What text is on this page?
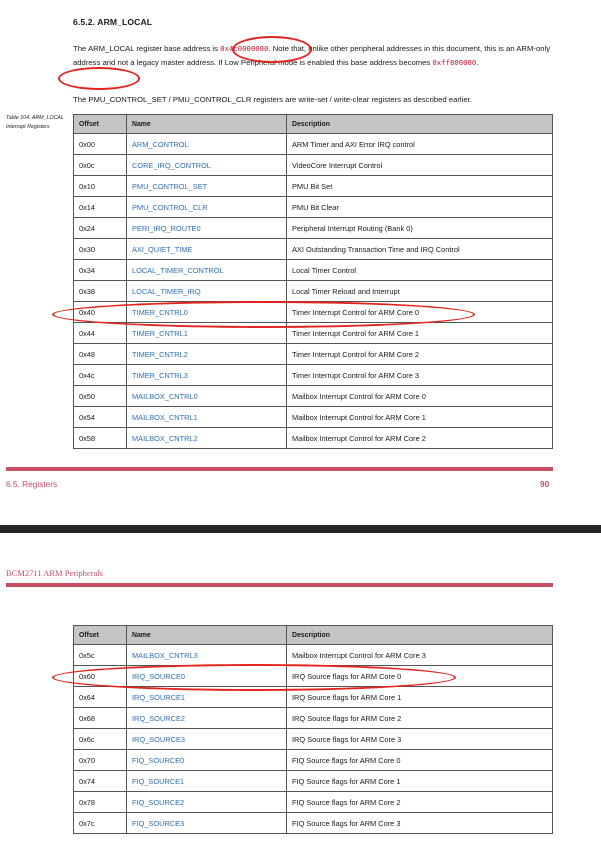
6.5.2. ARM_LOCAL
The ARM_LOCAL register base address is 0x4c0000000. Note that, unlike other peripheral addresses in this document, this is an ARM-only address and not a legacy master address. If Low Peripheral mode is enabled this base address becomes 0xff800000.
The PMU_CONTROL_SET / PMU_CONTROL_CLR registers are write-set / write-clear registers as described earlier.
Table 104. ARM_LOCAL Interrupt Registers	Offset	Name	Description
0x00	ARM_CONTROL	ARM Timer and AXI Error IRQ control
0x0c	CORE_IRQ_CONTROL	VideoCore Interrupt Control
0x10	PMU_CONTROL_SET	PMU Bit Set
0x14	PMU_CONTROL_CLR	PMU Bit Clear
0x24	PERI_IRQ_ROUTE0	Peripheral Interrupt Routing (Bank 0)
0x30	AXI_QUIET_TIME	AXI Outstanding Transaction Time and IRQ Control
0x34	LOCAL_TIMER_CONTROL	Local Timer Control
0x38	LOCAL_TIMER_IRQ	Local Timer Reload and Interrupt
0x40	TIMER_CNTRL0	Timer Interrupt Control for ARM Core 0
0x44	TIMER_CNTRL1	Timer Interrupt Control for ARM Core 1
0x48	TIMER_CNTRL2	Timer Interrupt Control for ARM Core 2
0x4c	TIMER_CNTRL3	Timer Interrupt Control for ARM Core 3
0x50	MAILBOX_CNTRL0	Mailbox Interrupt Control for ARM Core 0
0x54	MAILBOX_CNTRL1	Mailbox Interrupt Control for ARM Core 1
0x58	MAILBOX_CNTRL2	Mailbox Interrupt Control for ARM Core 2
6.5. Registers	90
BCM2711 ARM Peripherals
Offset	Name	Description
0x5c	MAILBOX_CNTRL3	Mailbox Interrupt Control for ARM Core 3
0x60	IRQ_SOURCE0	IRQ Source flags for ARM Core 0
0x64	IRQ_SOURCE1	IRQ Source flags for ARM Core 1
0x68	IRQ_SOURCE2	IRQ Source flags for ARM Core 2
0x6c	IRQ_SOURCE3	IRQ Source flags for ARM Core 3
0x70	FIQ_SOURCE0	FIQ Source flags for ARM Core 0
0x74	FIQ_SOURCE1	FIQ Source flags for ARM Core 1
0x78	FIQ_SOURCE2	FIQ Source flags for ARM Core 2
0x7c	FIQ_SOURCE3	FIQ Source flags for ARM Core 3
